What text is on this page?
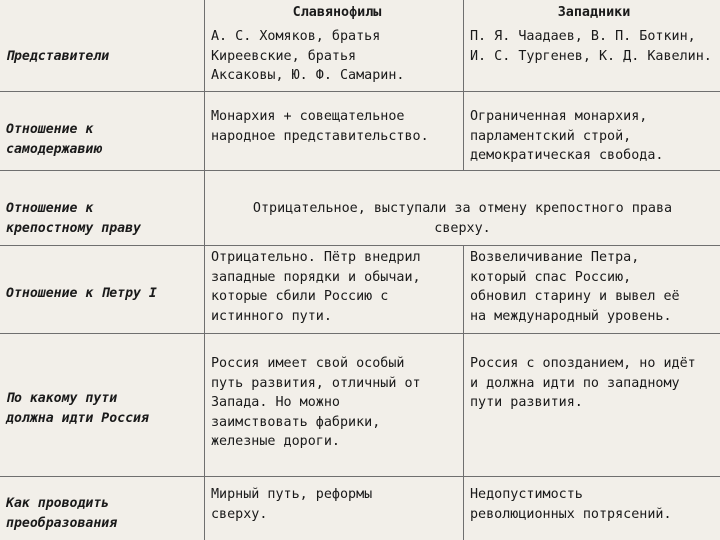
Славянофилы	Западники
Представители
А. С. Хомяков, братья
Киреевские, братья
Аксаковы, Ю. Ф. Самарин.
П. Я. Чаадаев, В. П. Боткин,
И. С. Тургенев, К. Д. Кавелин.
Отношение к
самодержавию
Монархия + совещательное
народное представительство.
Ограниченная монархия,
парламентский строй,
демократическая свобода.
Отношение к
крепостному праву
Отрицательное, выступали за отмену крепостного права
сверху.
Отношение к Петру I
Отрицательно. Пётр внедрил
западные порядки и обычаи,
которые сбили Россию с
истинного пути.
Возвеличивание Петра,
который спас Россию,
обновил старину и вывел её
на международный уровень.
По какому пути
должна идти Россия
Россия имеет свой особый
путь развития, отличный от
Запада. Но можно
заимствовать фабрики,
железные дороги.
Россия с опозданием, но идёт
и должна идти по западному
пути развития.
Как проводить
преобразования
Мирный путь, реформы
сверху.
Недопустимость
революционных потрясений.
